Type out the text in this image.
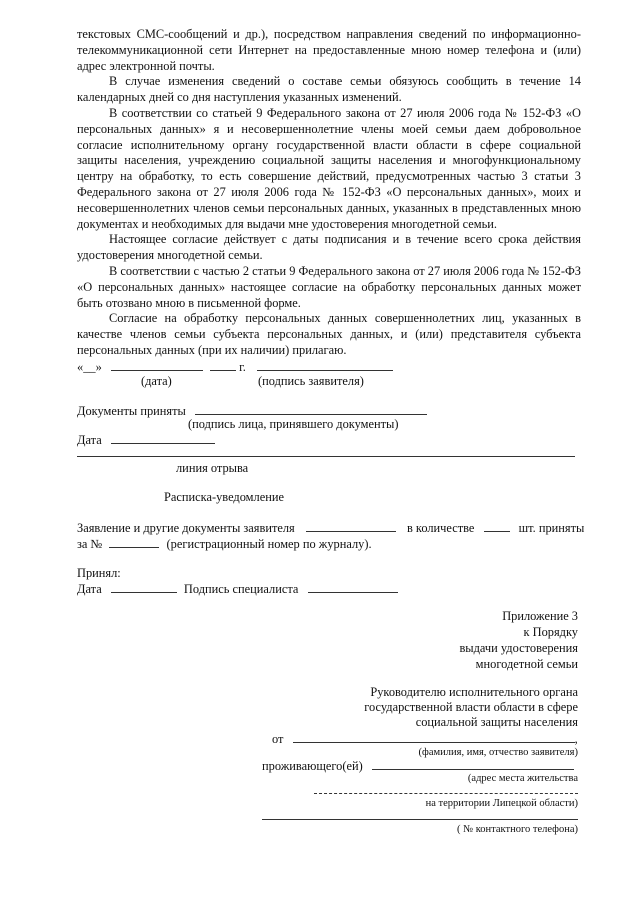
текстовых СМС-сообщений и др.), посредством направления сведений по информационно-телекоммуникационной сети Интернет на предоставленные мною номер телефона и (или) адрес электронной почты.

В случае изменения сведений о составе семьи обязуюсь сообщить в течение 14 календарных дней со дня наступления указанных изменений.

В соответствии со статьей 9 Федерального закона от 27 июля 2006 года № 152-ФЗ «О персональных данных» я и несовершеннолетние члены моей семьи даем добровольное согласие исполнительному органу государственной власти области в сфере социальной защиты населения, учреждению социальной защиты населения и многофункциональному центру на обработку, то есть совершение действий, предусмотренных частью 3 статьи 3 Федерального закона от 27 июля 2006 года № 152-ФЗ «О персональных данных», моих и несовершеннолетних членов семьи персональных данных, указанных в представленных мною документах и необходимых для выдачи мне удостоверения многодетной семьи.

Настоящее согласие действует с даты подписания и в течение всего срока действия удостоверения многодетной семьи.

В соответствии с частью 2 статьи 9 Федерального закона от 27 июля 2006 года № 152-ФЗ «О персональных данных» настоящее согласие на обработку персональных данных может быть отозвано мною в письменной форме.

Согласие на обработку персональных данных совершеннолетних лиц, указанных в качестве членов семьи субъекта персональных данных, и (или) представителя субъекта персональных данных (при их наличии) прилагаю.

«__»	г.
(дата)	(подпись заявителя)
Документы приняты
(подпись лица, принявшего документы)
Дата
линия отрыва
Расписка-уведомление
Заявление и другие документы заявителя	в количестве	шт. приняты
за №	(регистрационный номер по журналу).
Принял:
Дата	Подпись специалиста
Приложение 3
к Порядку
выдачи удостоверения
многодетной семьи
Руководителю исполнительного органа
государственной власти области в сфере
социальной защиты населения
от	,
(фамилия, имя, отчество заявителя)
проживающего(ей)
(адрес места жительства
на территории Липецкой области)
( № контактного телефона)
